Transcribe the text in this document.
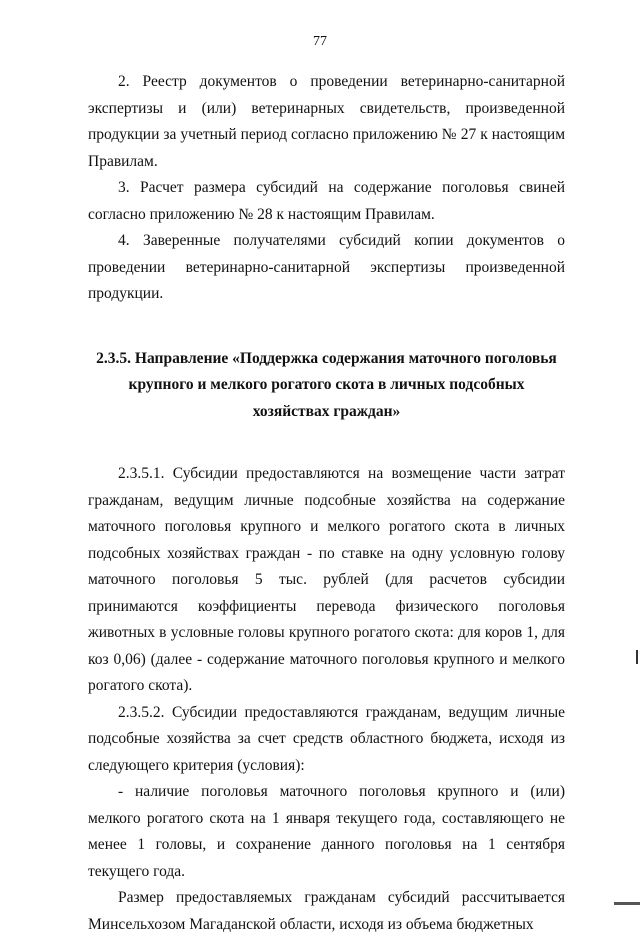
77

2. Реестр документов о проведении ветеринарно-санитарной экспертизы и (или) ветеринарных свидетельств, произведенной продукции за учетный период согласно приложению № 27 к настоящим Правилам.

3. Расчет размера субсидий на содержание поголовья свиней согласно приложению № 28 к настоящим Правилам.

4. Заверенные получателями субсидий копии документов о проведении ветеринарно-санитарной экспертизы произведенной продукции.

2.3.5. Направление «Поддержка содержания маточного поголовья
крупного и мелкого рогатого скота в личных подсобных
хозяйствах граждан»

2.3.5.1. Субсидии предоставляются на возмещение части затрат гражданам, ведущим личные подсобные хозяйства на содержание маточного поголовья крупного и мелкого рогатого скота в личных подсобных хозяйствах граждан - по ставке на одну условную голову маточного поголовья 5 тыс. рублей (для расчетов субсидии принимаются коэффициенты перевода физического поголовья животных в условные головы крупного рогатого скота: для коров 1, для коз 0,06) (далее - содержание маточного поголовья крупного и мелкого рогатого скота).

2.3.5.2. Субсидии предоставляются гражданам, ведущим личные подсобные хозяйства за счет средств областного бюджета, исходя из следующего критерия (условия):

- наличие поголовья маточного поголовья крупного и (или) мелкого рогатого скота на 1 января текущего года, составляющего не менее 1 головы, и сохранение данного поголовья на 1 сентября текущего года.

Размер предоставляемых гражданам субсидий рассчитывается Минсельхозом Магаданской области, исходя из объема бюджетных
